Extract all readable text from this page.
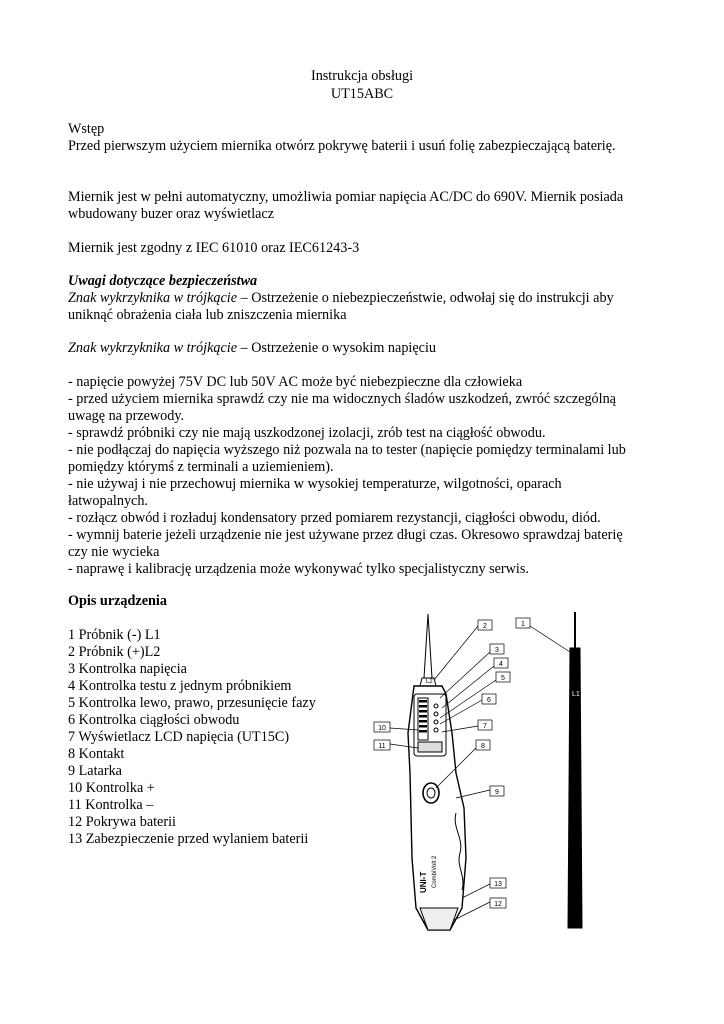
Instrukcja obsługi
UT15ABC
Wstęp
Przed pierwszym użyciem miernika otwórz pokrywę baterii i usuń folię zabezpieczającą baterię.
Miernik jest w pełni automatyczny, umożliwia pomiar napięcia AC/DC do 690V. Miernik posiada
wbudowany buzer oraz wyświetlacz
Miernik jest zgodny z IEC 61010 oraz IEC61243-3
Uwagi dotyczące bezpieczeństwa
Znak wykrzyknika w trójkącie – Ostrzeżenie o niebezpieczeństwie, odwołaj się do instrukcji aby
uniknąć obrażenia ciała lub zniszczenia miernika
Znak wykrzyknika w trójkącie – Ostrzeżenie o wysokim napięciu
- napięcie powyżej 75V DC lub 50V AC może być niebezpieczne dla człowieka
- przed użyciem miernika sprawdź czy nie ma widocznych śladów uszkodzeń, zwróć szczególną
uwagę na przewody.
- sprawdź próbniki czy nie mają uszkodzonej izolacji, zrób test na ciągłość obwodu.
- nie podłączaj do napięcia wyższego niż pozwala na to tester (napięcie pomiędzy terminalami lub
pomiędzy którymś z terminali a uziemieniem).
- nie używaj i nie przechowuj miernika w wysokiej temperaturze, wilgotności, oparach
łatwopalnych.
- rozłącz obwód i rozładuj kondensatory przed pomiarem rezystancji, ciągłości obwodu, diód.
- wymnij baterie jeżeli urządzenie nie jest używane przez długi czas. Okresowo sprawdzaj baterię
czy nie wycieka
- naprawę i kalibrację urządzenia może wykonywać tylko specjalistyczny serwis.
Opis urządzenia
1 Próbnik (-) L1
2 Próbnik (+)L2
3 Kontrolka napięcia
4 Kontrolka testu z jednym próbnikiem
5 Kontrolka lewo, prawo, przesunięcie fazy
6 Kontrolka ciągłości obwodu
7 Wyświetlacz LCD napięcia (UT15C)
8 Kontakt
9 Latarka
10 Kontrolka +
11 Kontrolka –
12 Pokrywa baterii
13 Zabezpieczenie przed wylaniem baterii
UNI-T CombiVolt 2
L2
L1
2
3
4
5
6
7
8
9
10
11
13
12
1
